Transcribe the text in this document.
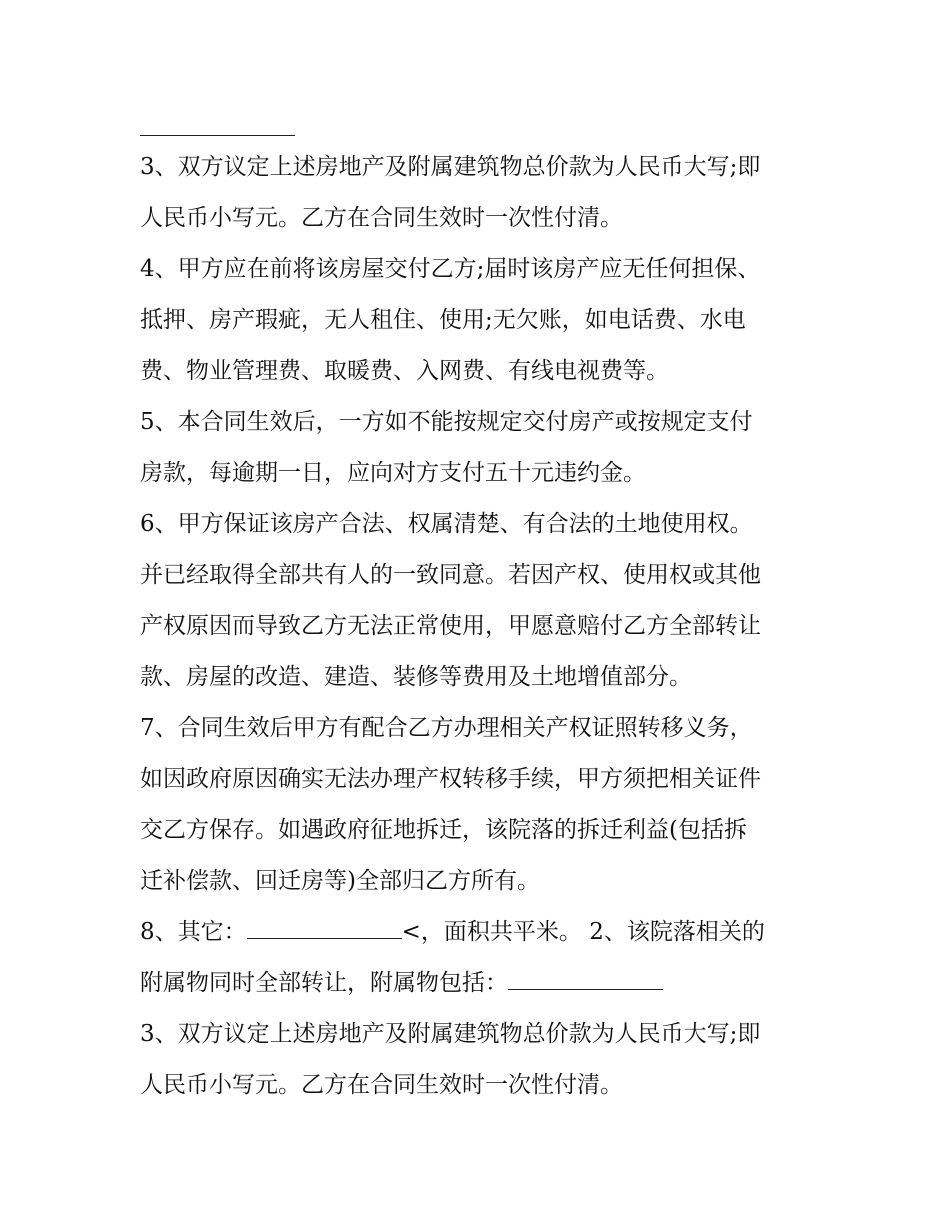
3、双方议定上述房地产及附属建筑物总价款为人民币大写;即
人民币小写元。乙方在合同生效时一次性付清。
4、甲方应在前将该房屋交付乙方;届时该房产应无任何担保、
抵押、房产瑕疵，无人租住、使用;无欠账，如电话费、水电
费、物业管理费、取暖费、入网费、有线电视费等。
5、本合同生效后，一方如不能按规定交付房产或按规定支付
房款，每逾期一日，应向对方支付五十元违约金。
6、甲方保证该房产合法、权属清楚、有合法的土地使用权。
并已经取得全部共有人的一致同意。若因产权、使用权或其他
产权原因而导致乙方无法正常使用，甲愿意赔付乙方全部转让
款、房屋的改造、建造、装修等费用及土地增值部分。
7、合同生效后甲方有配合乙方办理相关产权证照转移义务，
如因政府原因确实无法办理产权转移手续，甲方须把相关证件
交乙方保存。如遇政府征地拆迁，该院落的拆迁利益(包括拆
迁补偿款、回迁房等)全部归乙方所有。
8、其它：	<，面积共平米。 2、该院落相关的
附属物同时全部转让，附属物包括：
3、双方议定上述房地产及附属建筑物总价款为人民币大写;即
人民币小写元。乙方在合同生效时一次性付清。
